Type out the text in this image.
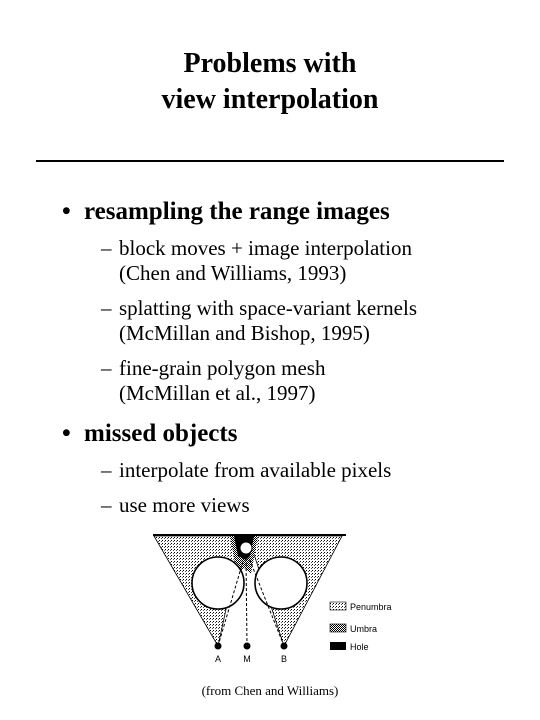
Problems with
view interpolation
• resampling the range images
– block moves + image interpolation
(Chen and Williams, 1993)
– splatting with space-variant kernels
(McMillan and Bishop, 1995)
– fine-grain polygon mesh
(McMillan et al., 1997)
• missed objects
– interpolate from available pixels
– use more views
A M	B
Penumbra
Umbra
Hole
(from Chen and Williams)
